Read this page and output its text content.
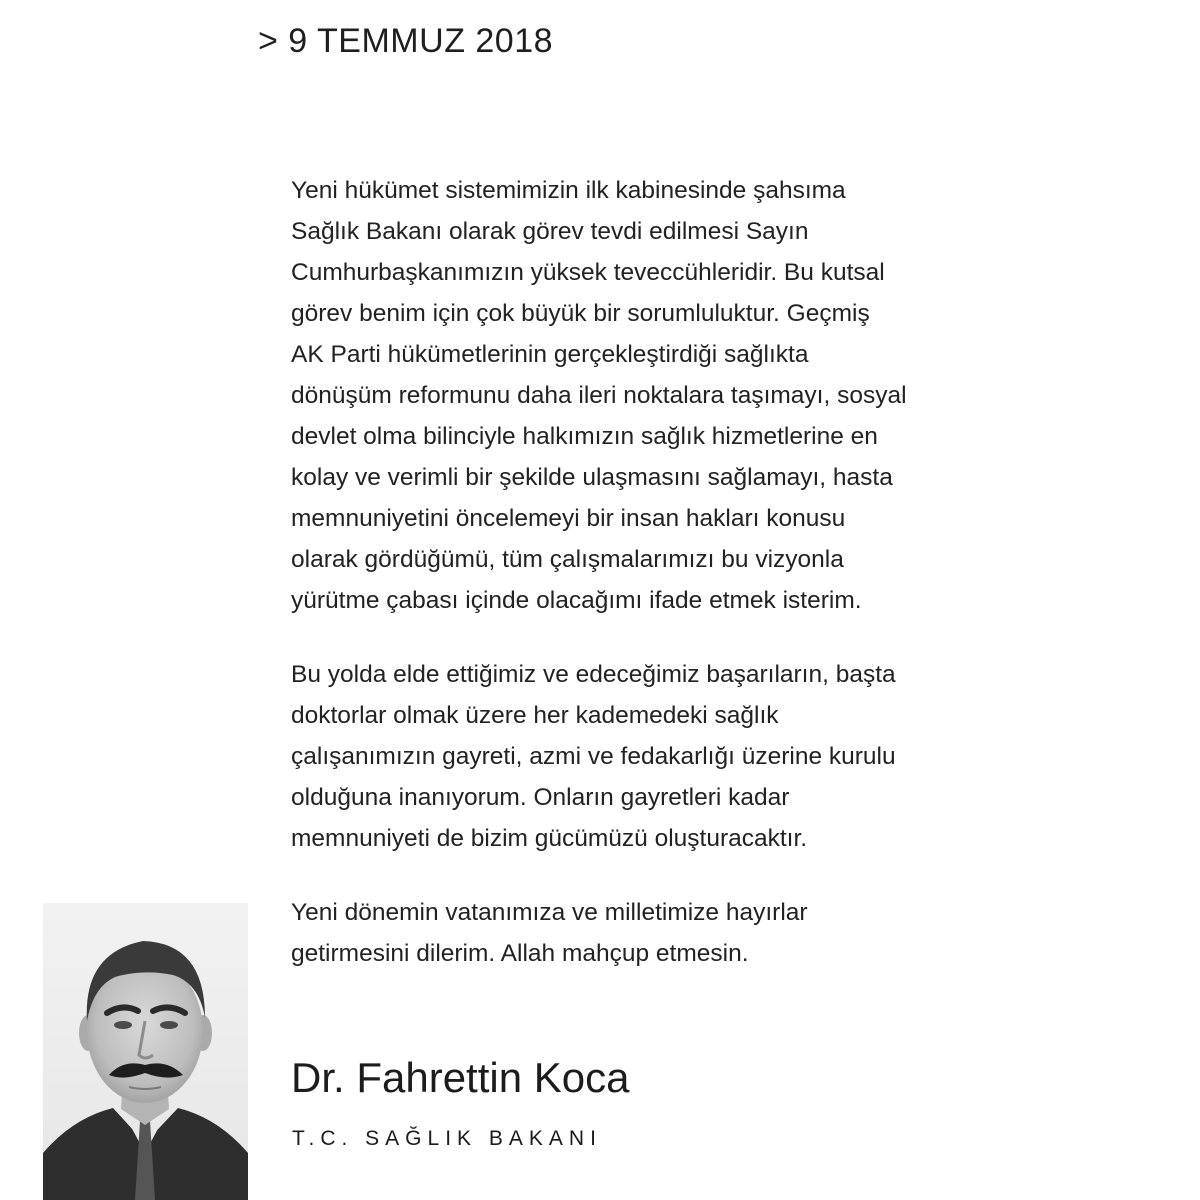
> 9 TEMMUZ 2018
Yeni hükümet sistemimizin ilk kabinesinde şahsıma
Sağlık Bakanı olarak görev tevdi edilmesi Sayın
Cumhurbaşkanımızın yüksek teveccühleridir. Bu kutsal
görev benim için çok büyük bir sorumluluktur. Geçmiş
AK Parti hükümetlerinin gerçekleştirdiği sağlıkta
dönüşüm reformunu daha ileri noktalara taşımayı, sosyal
devlet olma bilinciyle halkımızın sağlık hizmetlerine en
kolay ve verimli bir şekilde ulaşmasını sağlamayı, hasta
memnuniyetini öncelemeyi bir insan hakları konusu
olarak gördüğümü, tüm çalışmalarımızı bu vizyonla
yürütme çabası içinde olacağımı ifade etmek isterim.
Bu yolda elde ettiğimiz ve edeceğimiz başarıların, başta
doktorlar olmak üzere her kademedeki sağlık
çalışanımızın gayreti, azmi ve fedakarlığı üzerine kurulu
olduğuna inanıyorum. Onların gayretleri kadar
memnuniyeti de bizim gücümüzü oluşturacaktır.
Yeni dönemin vatanımıza ve milletimize hayırlar
getirmesini dilerim. Allah mahçup etmesin.
Dr. Fahrettin Koca
T.C. SAĞLIK BAKANI
